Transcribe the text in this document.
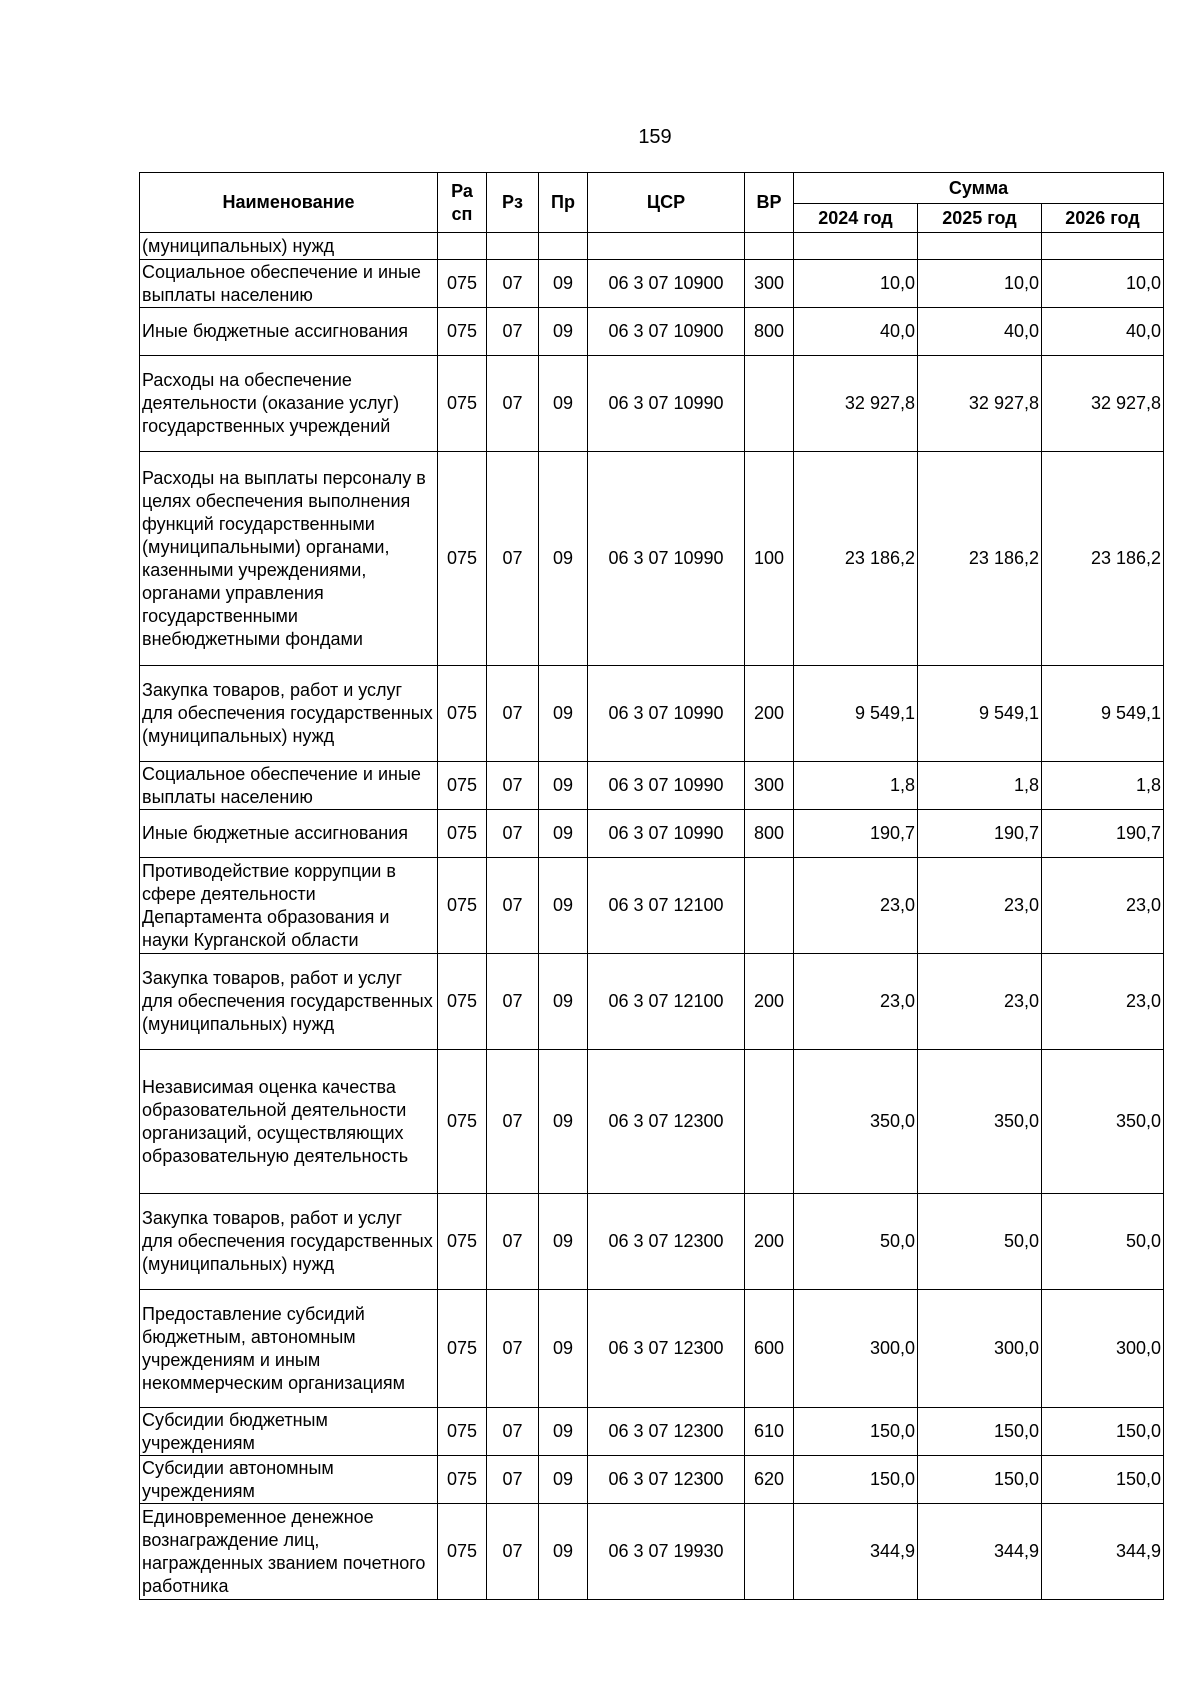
159
Наименование	Ра сп	Рз	Пр	ЦСР	ВР	Сумма		
						2024 год	2025 год	2026 год
(муниципальных) нужд								
Социальное обеспечение и иные выплаты населению	075	07	09	06 3 07 10900	300	10,0	10,0	10,0
Иные бюджетные ассигнования	075	07	09	06 3 07 10900	800	40,0	40,0	40,0
Расходы на обеспечение деятельности (оказание услуг) государственных учреждений	075	07	09	06 3 07 10990		32 927,8	32 927,8	32 927,8
Расходы на выплаты персоналу в целях обеспечения выполнения функций государственными (муниципальными) органами, казенными учреждениями, органами управления государственными внебюджетными фондами	075	07	09	06 3 07 10990	100	23 186,2	23 186,2	23 186,2
Закупка товаров, работ и услуг для обеспечения государственных (муниципальных) нужд	075	07	09	06 3 07 10990	200	9 549,1	9 549,1	9 549,1
Социальное обеспечение и иные выплаты населению	075	07	09	06 3 07 10990	300	1,8	1,8	1,8
Иные бюджетные ассигнования	075	07	09	06 3 07 10990	800	190,7	190,7	190,7
Противодействие коррупции в сфере деятельности Департамента образования и науки Курганской области	075	07	09	06 3 07 12100		23,0	23,0	23,0
Закупка товаров, работ и услуг для обеспечения государственных (муниципальных) нужд	075	07	09	06 3 07 12100	200	23,0	23,0	23,0
Независимая оценка качества образовательной деятельности организаций, осуществляющих образовательную деятельность	075	07	09	06 3 07 12300		350,0	350,0	350,0
Закупка товаров, работ и услуг для обеспечения государственных (муниципальных) нужд	075	07	09	06 3 07 12300	200	50,0	50,0	50,0
Предоставление субсидий бюджетным, автономным учреждениям и иным некоммерческим организациям	075	07	09	06 3 07 12300	600	300,0	300,0	300,0
Субсидии бюджетным учреждениям	075	07	09	06 3 07 12300	610	150,0	150,0	150,0
Субсидии автономным учреждениям	075	07	09	06 3 07 12300	620	150,0	150,0	150,0
Единовременное денежное вознаграждение лиц, награжденных званием почетного работника	075	07	09	06 3 07 19930		344,9	344,9	344,9
